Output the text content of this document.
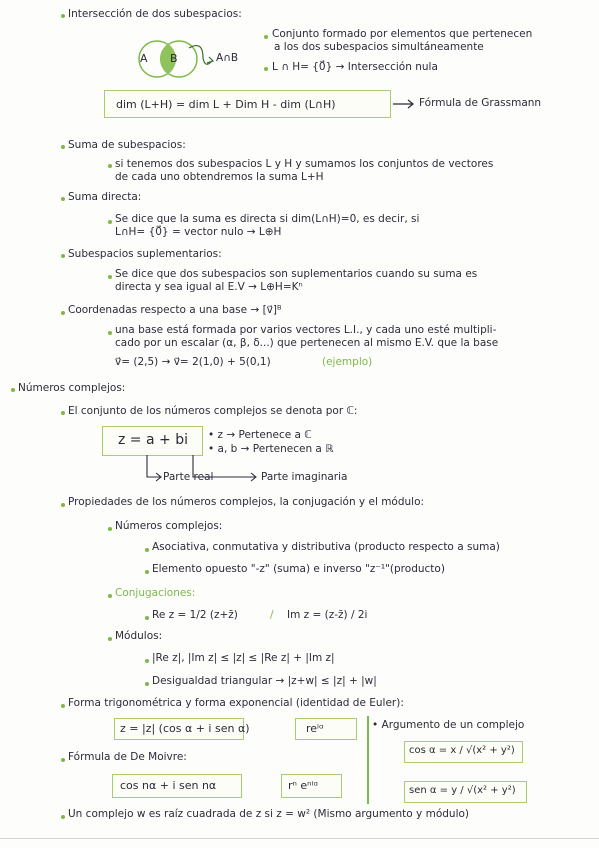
Intersección de dos subespacios:
A B	A∩B
Conjunto formado por elementos que pertenecen
a los dos subespacios simultáneamente
L ∩ H= {0⃗} → Intersección nula
dim (L+H) = dim L + Dim H - dim (L∩H)	Fórmula de Grassmann
Suma de subespacios:
si tenemos dos subespacios L y H y sumamos los conjuntos de vectores
de cada uno obtendremos la suma L+H
Suma directa:
Se dice que la suma es directa si dim(L∩H)=0, es decir, si
L∩H= {0⃗} = vector nulo → L⊕H
Subespacios suplementarios:
Se dice que dos subespacios son suplementarios cuando su suma es
directa y sea igual al E.V → L⊕H=Kⁿ
Coordenadas respecto a una base → [v⃗]ᴮ
una base está formada por varios vectores L.I., y cada uno esté multipli-
cado por un escalar (α, β, δ...) que pertenecen al mismo E.V. que la base
v⃗= (2,5) → v⃗= 2(1,0) + 5(0,1)	(ejemplo)
Números complejos:
El conjunto de los números complejos se denota por ℂ:
z = a + bi • z → Pertenece a ℂ
• a, b → Pertenecen a ℝ
Parte real	Parte imaginaria
Propiedades de los números complejos, la conjugación y el módulo:
Números complejos:
Asociativa, conmutativa y distributiva (producto respecto a suma)
Elemento opuesto "-z" (suma) e inverso "z⁻¹"(producto)
Conjugaciones:
Re z = 1/2 (z+z̄)	/ Im z = (z-z̄) / 2i
Módulos:
|Re z|, |Im z| ≤ |z| ≤ |Re z| + |Im z|
Desigualdad triangular → |z+w| ≤ |z| + |w|
Forma trigonométrica y forma exponencial (identidad de Euler):
z = |z| (cos α + i sen α)	reⁱᵅ	• Argumento de un complejo
cos α = x / √(x² + y²)
sen α = y / √(x² + y²)
Fórmula de De Moivre:
cos nα + i sen nα	rⁿ eⁿⁱᵅ
Un complejo w es raíz cuadrada de z si z = w² (Mismo argumento y módulo)
